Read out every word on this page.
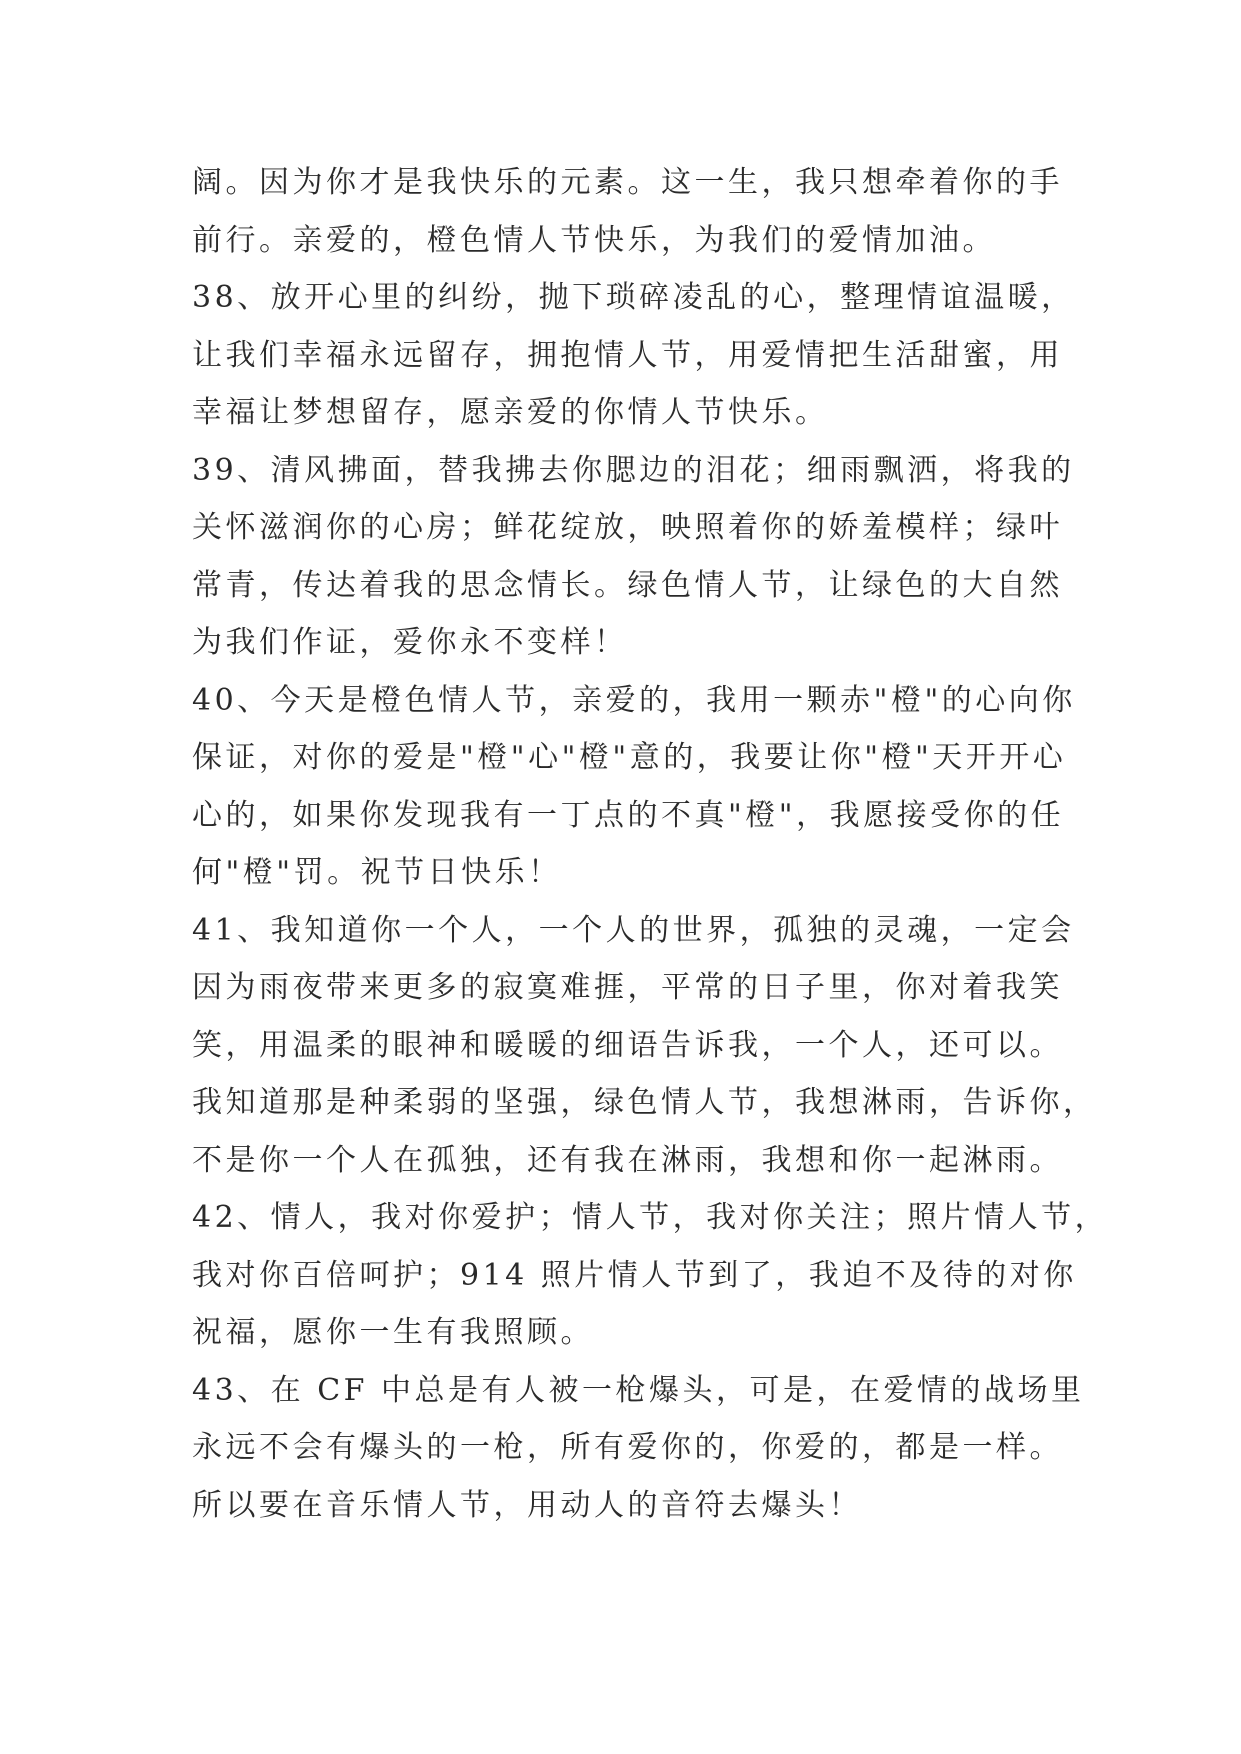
阔。因为你才是我快乐的元素。这一生，我只想牵着你的手
前行。亲爱的，橙色情人节快乐，为我们的爱情加油。
38、放开心里的纠纷，抛下琐碎凌乱的心，整理情谊温暖，
让我们幸福永远留存，拥抱情人节，用爱情把生活甜蜜，用
幸福让梦想留存，愿亲爱的你情人节快乐。
39、清风拂面，替我拂去你腮边的泪花；细雨飘洒，将我的
关怀滋润你的心房；鲜花绽放，映照着你的娇羞模样；绿叶
常青，传达着我的思念情长。绿色情人节，让绿色的大自然
为我们作证，爱你永不变样！
40、今天是橙色情人节，亲爱的，我用一颗赤"橙"的心向你
保证，对你的爱是"橙"心"橙"意的，我要让你"橙"天开开心
心的，如果你发现我有一丁点的不真"橙"，我愿接受你的任
何"橙"罚。祝节日快乐！
41、我知道你一个人，一个人的世界，孤独的灵魂，一定会
因为雨夜带来更多的寂寞难捱，平常的日子里，你对着我笑
笑，用温柔的眼神和暖暖的细语告诉我，一个人，还可以。
我知道那是种柔弱的坚强，绿色情人节，我想淋雨，告诉你，
不是你一个人在孤独，还有我在淋雨，我想和你一起淋雨。
42、情人，我对你爱护；情人节，我对你关注；照片情人节，
我对你百倍呵护；914 照片情人节到了，我迫不及待的对你
祝福，愿你一生有我照顾。
43、在 CF 中总是有人被一枪爆头，可是，在爱情的战场里
永远不会有爆头的一枪，所有爱你的，你爱的，都是一样。
所以要在音乐情人节，用动人的音符去爆头！
